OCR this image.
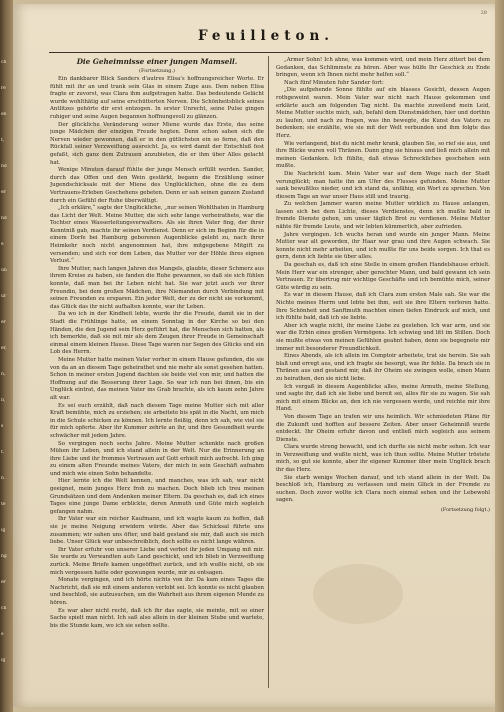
ch
re
en
t,
nd
er
nd
e
un
ur
er
er,
n,
n,
s
t.
n
te
ig
ng
er
ch
e
ig
28
Feuilleton.
Die Geheimnisse einer jungen Mamsell.
(Fortsetzung.)

Ein dankbarer Blick Sanders d'autres Elisa's hoffnungsreicher Worte. Er fühlt mit ihr an und trank sein Glas in einem Zuge aus. Dem neben Elisa fragte er zuvorst, was Clara ihm aufgetragen hatte. Das bedeutende Gelächt wurde wohlthätig auf seine erschütterten Nerven. Die Schönheitsblick seines Antlitzes gehörte dir erst entzogen. In erster Unrecht, seine Pulse gingen ruhiger und seine Augen begannen hoffnungsvoll zu glänzen.

Der glückliche Veränderung seiner Miene wurde das Erste, das seine junge Mädchen der einzigen Freude hegten. Denn schon sahen sich die Nerven wieder gewonnen, daß er in den gütlichsten ein so ferne, daß den Rückfall seiner Verzweiflung ausreicht. Ja, es wird damit der Entschluß fest gefaßt, sich ganz dem Zutrauen anzubieten, die er ihm über Alles gelacht hat.

Wenige Minuten darauf fühlte der junge Mensch erfüllt werden. Sander, durch das Offen und den Wein gestärkt, begann die Erzählung seiner Jugendschicksale mit der Miene des Unglücklichen, ohne die zu dem Vertrauens-Erleben Geschehens gebeten. Denn er sah seinen ganzen Zustand durch ein Gefühl der Ruhe überwältigt.

„Ich erkläre,“ sagte der Unglückliche, „nur seinen Wohlthaten in Hamburg das Licht der Welt. Meine Mutter, die sich sehr lange verheirathete, war die Tochter eines Wasserleitungsverwalters. Als sie ihren Vater fing, der ihrer Kenntniß gab, machte ihr seinen Verdienst. Denn er sich im Beginn für die in einem Dorfe bei Hamburg geborenen Augenblicke gelebt zu, nach ihrer Heimkehr noch nicht angenommen hat, ihre mitgegebene Mitgift zu versenden; und sich vor dem Leben, das Mutter vor der Höhle ihres eignen Verlust.“

Ihre Mutter, nach langen Jahren des Mangels, glaubte, dieser Schmerz aus ihrem Kreise zu haben, sie fanden die Ruhe gewannen, so daß sie sich fühlen konnte, daß man bei ihr Leben nicht hat. Sie war jetzt auch vor ihrer Freundin, bei dem großen Mädchen, ihre Niemanden durch Verbindung mit seinen Freunden zu ersparen. Ein jeder Welt, der zu der nicht sie vorkommt, das Glück das ihr nicht aufhalten konnte, war ihr Leben.

Da wo ich in der Kindheit lebte, wurde ihr die Freude, damit sie in der Stadt die Frühlinge hatte, an einem Sonntag in der Kirche so bei den Händen, die den Jugend sein Herz geführt hat, die Menschen sich hatten, als ich bemerkte, daß sie mit mir als dem Zeugen ihrer Freude in Gemeinschaft einmal einem kleinen Hause. Diese Tage waren nur Segen des Glücks und ein Lob des Herrn.

Meine Mutter hatte meinen Vater vorher in einem Hause gefunden, die sie von da an an diesem Tage geheirathet und nie mehr als sonst gesehen hatten. Schon in meiner ersten Jugend dachten sie beide viel von mir, und hatten die Hoffnung auf die Besserung ihrer Lage. So war ich nun bei ihnen, bis ein Unglück eintrat, das meinen Vater ins Grab brachte, als ich kaum zehn Jahre alt war.

Es sei euch erzählt, daß nach diesem Tage meine Mutter sich mit aller Kraft bemühte, mich zu erziehen; sie arbeitete bis spät in die Nacht, um mich in die Schule schicken zu können. Ich lernte fleißig, denn ich sah, wie viel sie für mich opferte. Aber ihr Kummer zehrte an ihr, und ihre Gesundheit wurde schwächer mit jedem Jahre.

So vergingen noch sechs Jahre. Meine Mutter schenkte nach großen Mühen ihr Leben, und ich stand allein in der Welt. Nur die Erinnerung an ihre Liebe und ihr frommes Vertrauen auf Gott erhielt mich aufrecht. Ich ging zu einem alten Freunde meines Vaters, der mich in sein Geschäft aufnahm und mich wie einen Sohn behandelte.

Hier lernte ich die Welt kennen, und manches, was ich sah, war nicht geeignet, mein junges Herz froh zu machen. Doch blieb ich treu meinen Grundsätzen und dem Andenken meiner Eltern. Da geschah es, daß ich eines Tages eine junge Dame erblickte, deren Anmuth und Güte mich sogleich gefangen nahm.

Ihr Vater war ein reicher Kaufmann, und ich wagte kaum zu hoffen, daß sie je meine Neigung erwidern würde. Aber das Schicksal führte uns zusammen; wir sahen uns öfter, und bald gestand sie mir, daß auch sie mich liebe. Unser Glück war unbeschreiblich, doch sollte es nicht lange währen.

Ihr Vater erfuhr von unserer Liebe und verbot ihr jeden Umgang mit mir. Sie wurde zu Verwandten aufs Land geschickt, und ich blieb in Verzweiflung zurück. Meine Briefe kamen ungeöffnet zurück, und ich wußte nicht, ob sie mich vergessen hatte oder gezwungen wurde, mir zu entsagen.

Monate vergingen, und ich hörte nichts von ihr. Da kam eines Tages die Nachricht, daß sie mit einem anderen verlobt sei. Ich konnte es nicht glauben und beschloß, sie aufzusuchen, um die Wahrheit aus ihrem eigenen Munde zu hören.

Es war aber nicht recht, daß ich ihr das sagte, sie meinte, mit so einer Sache spielt man nicht. Ich saß also allein in der kleinen Stube und wartete, bis die Stunde kam, wo ich sie sehen sollte.

„Armer Sohn! Ich ahne, was kommen wird, und mein Herz zittert bei dem Gedanken, das Schlimmste zu hören. Aber was hülfe Ihr Geschick zu Ende bringen, wenn ich Ihnen nicht mehr helfen soll.“

Nach fünf Minuten fuhr Sander fort:

„Die aufgehende Sonne fühlte auf ein blasses Gesicht, dessen Augen rothgeweint waren. Mein Vater war nicht nach Hause gekommen und erklärte auch am folgenden Tag nicht. Da machte zuweilend mein Leid, Meine Mutter suchte mich, sah, befahl dem Dienstmädchen, hier und dorthin zu laufen, und nach zu fragen, was ihn bewegte, die Kunst des Vaters zu bedenken; sie erzählte, wie sie mit der Welt verbunden und ihm folgte das Herz.

Wie verlangend, bist du nicht mehr krank, glauben Sie, so rief sie aus, und ihre Blicke waren voll Thränen. Dann ging sie hinaus und ließ mich allein mit meinen Gedanken. Ich fühlte, daß etwas Schreckliches geschehen sein mußte.

Die Nachricht kam. Mein Vater war auf dem Wege nach der Stadt verunglückt; man hatte ihn am Ufer des Flusses gefunden. Meine Mutter sank bewußtlos nieder, und ich stand da, unfähig, ein Wort zu sprechen. Von diesem Tage an war unser Haus still und traurig.

Zu welchen Jammer waren meine Mutter wirklich zu Hause anlangen, lassen sich bei dem Lichte, dieses Verdienstes, denn ich mußte bald in fremde Dienste gehen, um unser täglich Brot zu verdienen. Meine Mutter nähte für fremde Leute, und wir lebten kümmerlich, aber zufrieden.

Jahre vergingen. Ich wuchs heran und wurde ein junger Mann. Meine Mutter war alt geworden, ihr Haar war grau und ihre Augen schwach. Sie konnte nicht mehr arbeiten, und ich mußte für uns beide sorgen. Ich that es gern, denn ich liebte sie über alles.

Da geschah es, daß ich eine Stelle in einem großen Handelshause erhielt. Mein Herr war ein strenger, aber gerechter Mann, und bald gewann ich sein Vertrauen. Er übertrug mir wichtige Geschäfte und ich bemühte mich, seiner Güte würdig zu sein.

Es war in diesem Hause, daß ich Clara zum ersten Male sah. Sie war die Nichte meines Herrn und lebte bei ihm, seit sie ihre Eltern verloren hatte. Ihre Schönheit und Sanftmuth machten einen tiefen Eindruck auf mich, und ich fühlte bald, daß ich sie liebte.

Aber ich wagte nicht, ihr meine Liebe zu gestehen. Ich war arm, und sie war die Erbin eines großen Vermögens. Ich schwieg und litt im Stillen. Doch sie mußte etwas von meinen Gefühlen geahnt haben, denn sie begegnete mir immer mit besonderer Freundlichkeit.

Eines Abends, als ich allein im Comptoir arbeitete, trat sie herein. Sie sah blaß und erregt aus, und ich fragte sie besorgt, was ihr fehle. Da brach sie in Thränen aus und gestand mir, daß ihr Oheim sie zwingen wolle, einen Mann zu heirathen, den sie nicht liebe.

Ich vergaß in diesem Augenblicke alles, meine Armuth, meine Stellung, und sagte ihr, daß ich sie liebe und bereit sei, alles für sie zu wagen. Sie sah mich mit einem Blicke an, den ich nie vergessen werde, und reichte mir ihre Hand.

Von diesem Tage an trafen wir uns heimlich. Wir schmiedeten Pläne für die Zukunft und hofften auf bessere Zeiten. Aber unser Geheimniß wurde entdeckt. Ihr Oheim erfuhr davon und entließ mich sogleich aus seinem Dienste.

Clara wurde streng bewacht, und ich durfte sie nicht mehr sehen. Ich war in Verzweiflung und wußte nicht, was ich thun sollte. Meine Mutter tröstete mich, so gut sie konnte, aber ihr eigener Kummer über mein Unglück brach ihr das Herz.

Sie starb wenige Wochen darauf, und ich stand allein in der Welt. Da beschloß ich, Hamburg zu verlassen und mein Glück in der Fremde zu suchen. Doch zuvor wollte ich Clara noch einmal sehen und ihr Lebewohl sagen.

(Fortsetzung folgt.)
